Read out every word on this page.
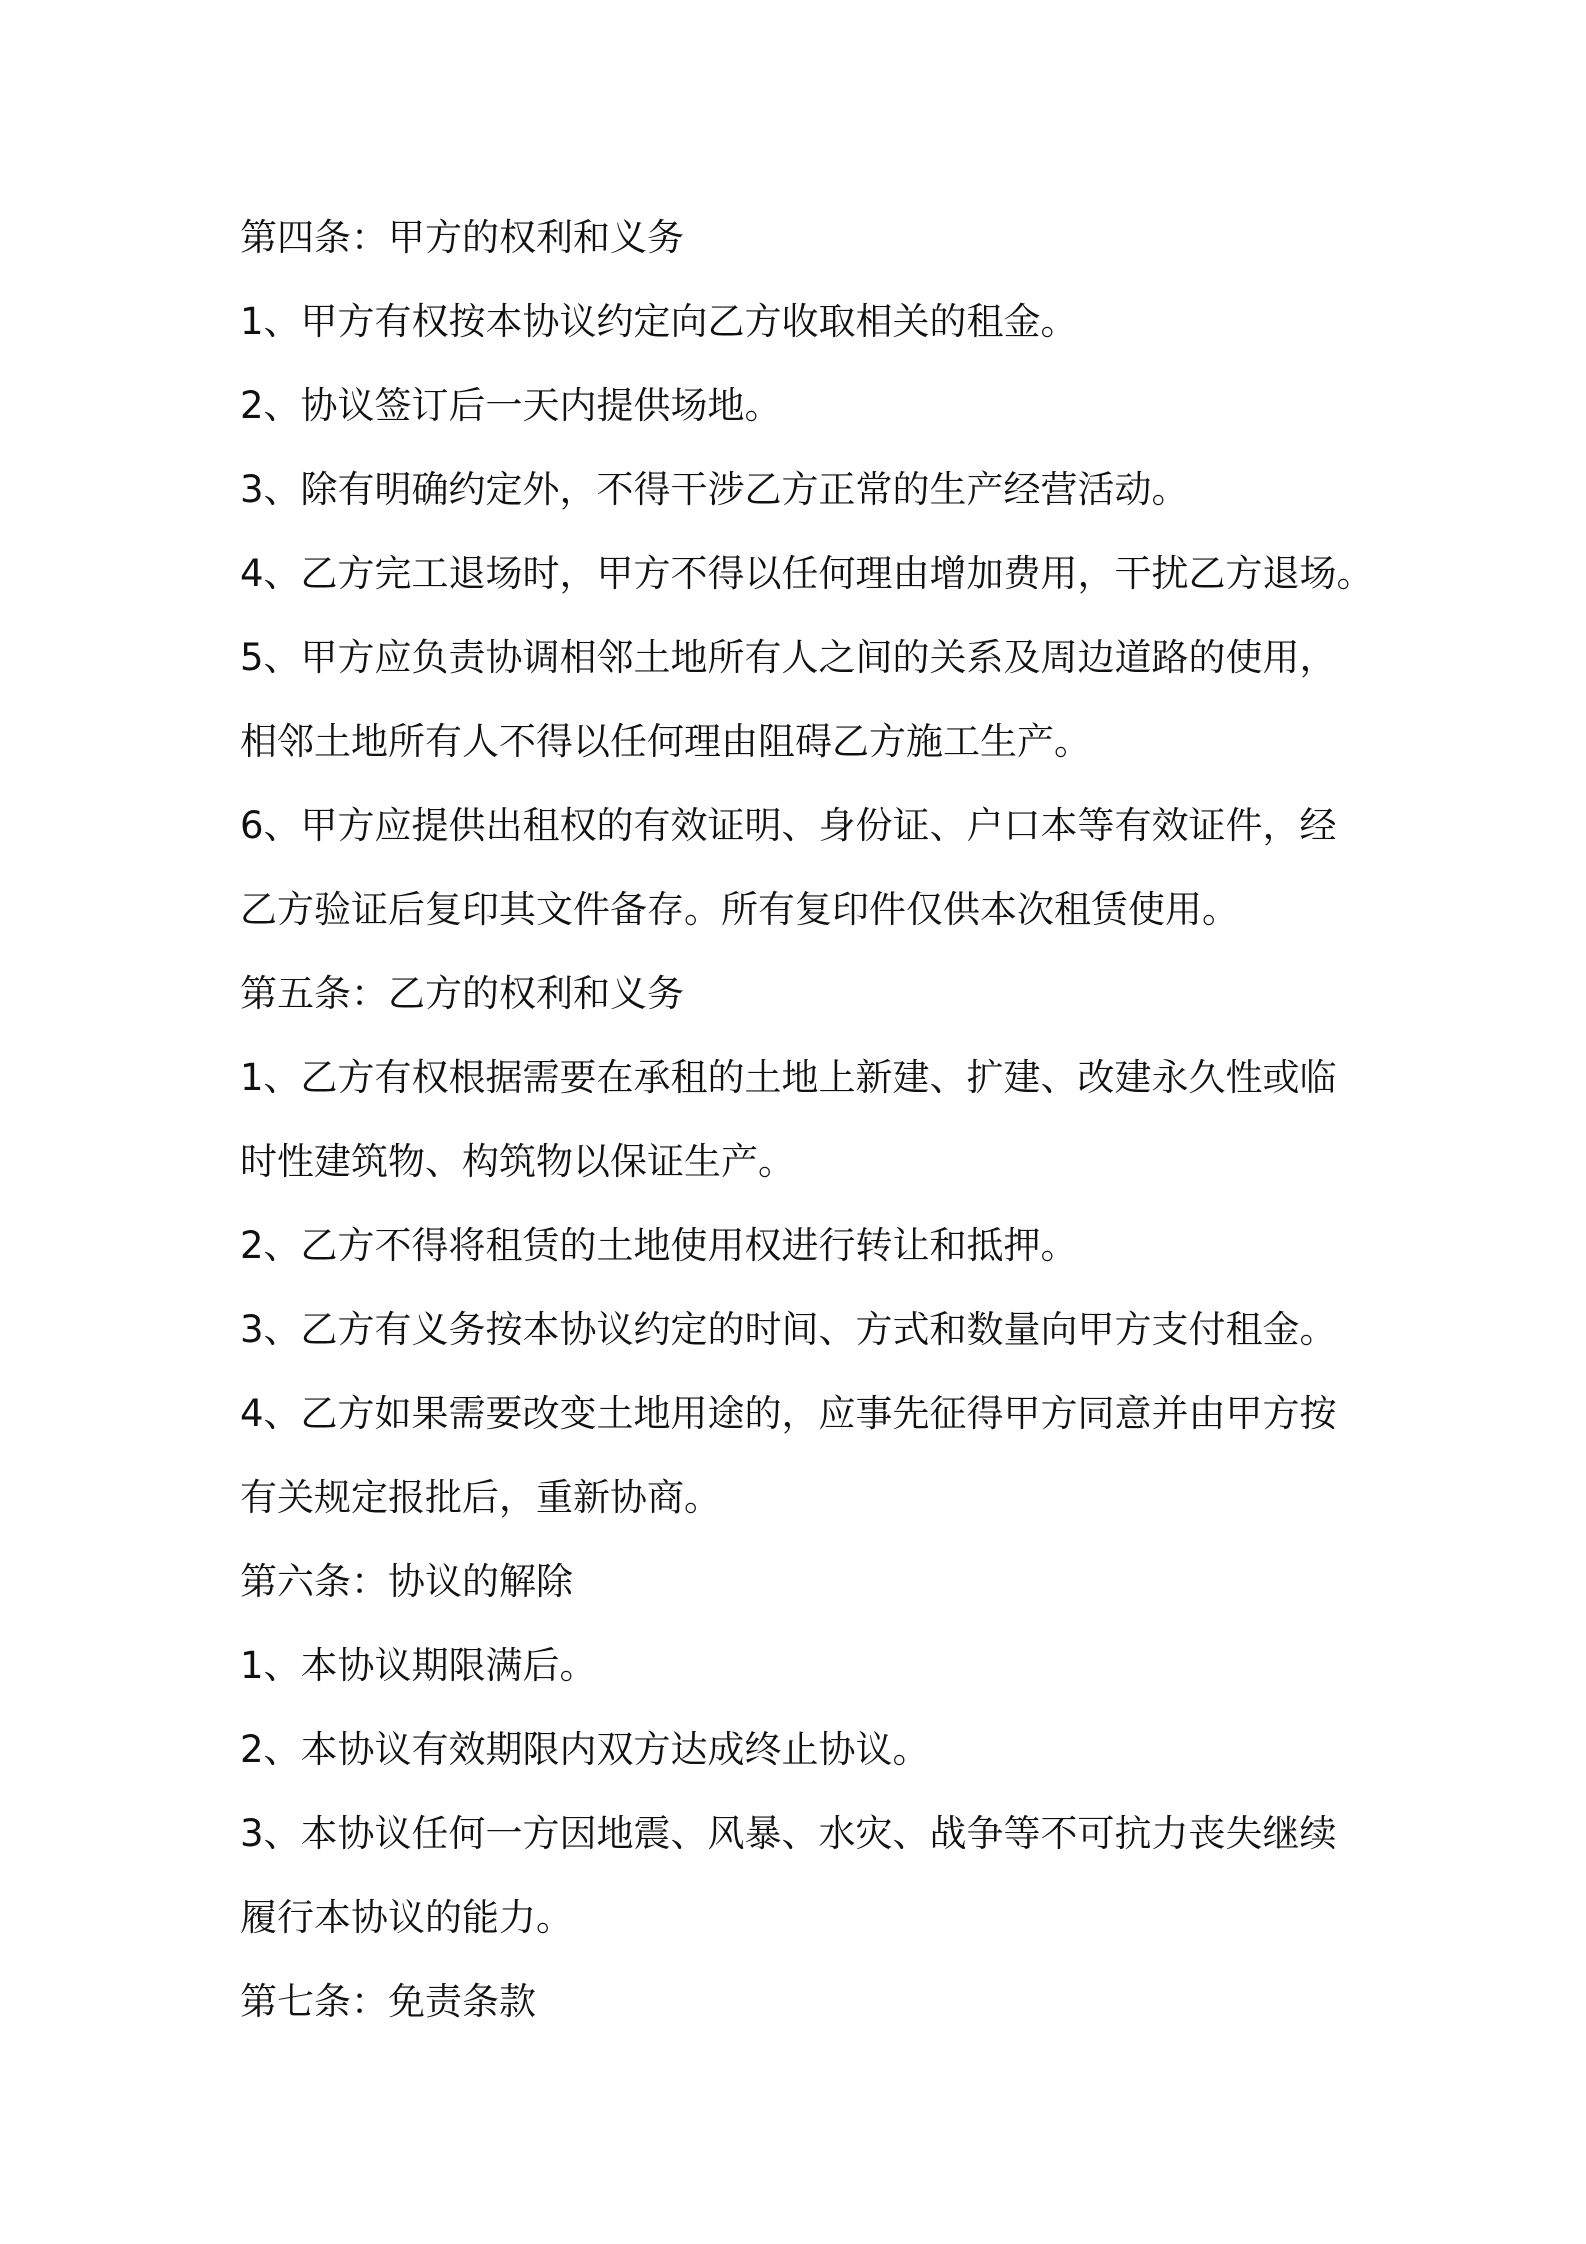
第四条：甲方的权利和义务
1、甲方有权按本协议约定向乙方收取相关的租金。
2、协议签订后一天内提供场地。
3、除有明确约定外，不得干涉乙方正常的生产经营活动。
4、乙方完工退场时，甲方不得以任何理由增加费用，干扰乙方退场。
5、甲方应负责协调相邻土地所有人之间的关系及周边道路的使用，
相邻土地所有人不得以任何理由阻碍乙方施工生产。
6、甲方应提供出租权的有效证明、身份证、户口本等有效证件，经
乙方验证后复印其文件备存。所有复印件仅供本次租赁使用。
第五条：乙方的权利和义务
1、乙方有权根据需要在承租的土地上新建、扩建、改建永久性或临
时性建筑物、构筑物以保证生产。
2、乙方不得将租赁的土地使用权进行转让和抵押。
3、乙方有义务按本协议约定的时间、方式和数量向甲方支付租金。
4、乙方如果需要改变土地用途的，应事先征得甲方同意并由甲方按
有关规定报批后，重新协商。
第六条：协议的解除
1、本协议期限满后。
2、本协议有效期限内双方达成终止协议。
3、本协议任何一方因地震、风暴、水灾、战争等不可抗力丧失继续
履行本协议的能力。
第七条：免责条款
